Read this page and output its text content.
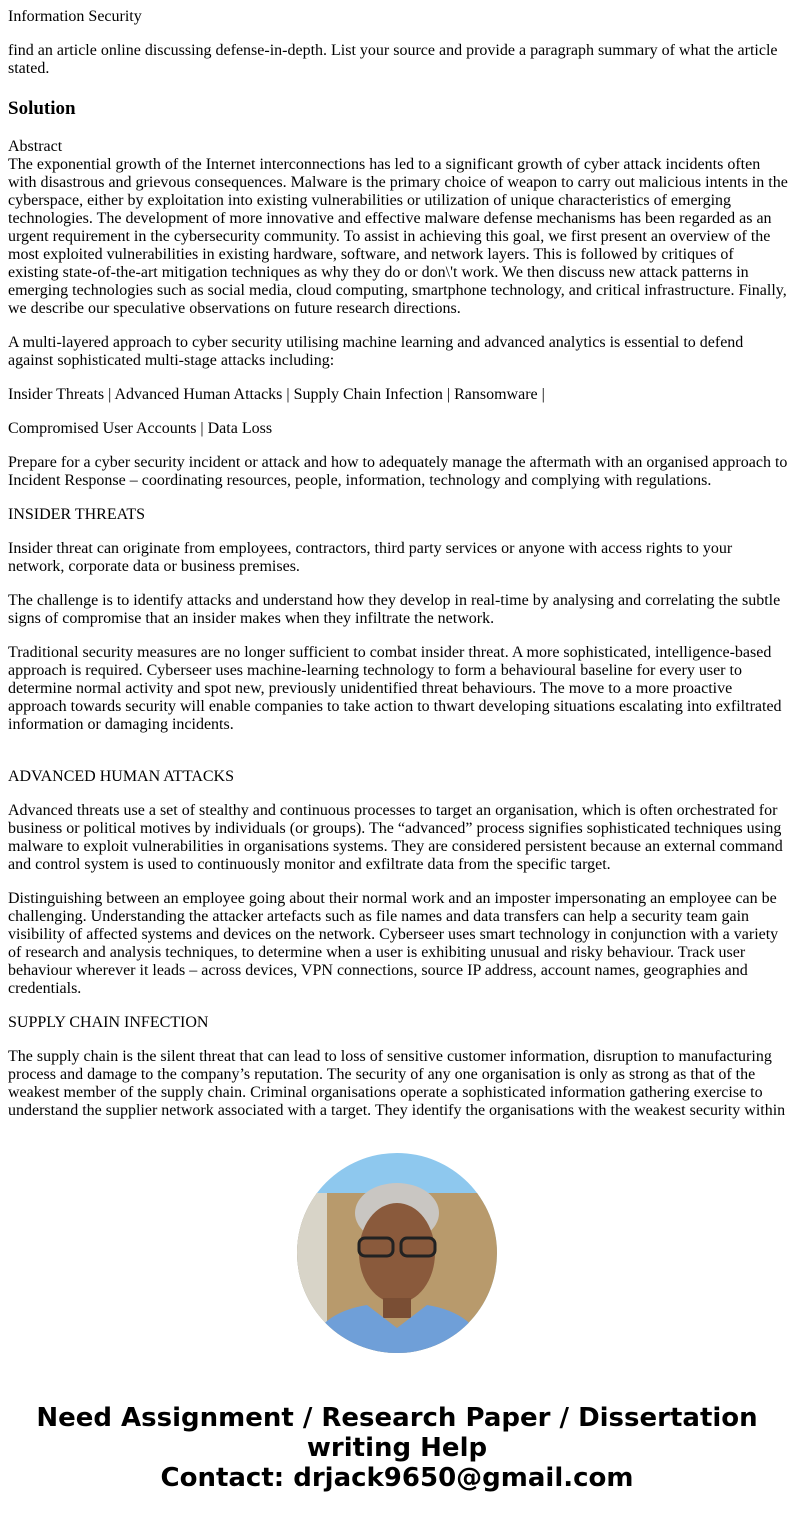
Information Security

find an article online discussing defense-in-depth. List your source and provide a paragraph summary of what the article stated.

Solution
Abstract
The exponential growth of the Internet interconnections has led to a significant growth of cyber attack incidents often with disastrous and grievous consequences. Malware is the primary choice of weapon to carry out malicious intents in the cyberspace, either by exploitation into existing vulnerabilities or utilization of unique characteristics of emerging technologies. The development of more innovative and effective malware defense mechanisms has been regarded as an urgent requirement in the cybersecurity community. To assist in achieving this goal, we first present an overview of the most exploited vulnerabilities in existing hardware, software, and network layers. This is followed by critiques of existing state-of-the-art mitigation techniques as why they do or don\'t work. We then discuss new attack patterns in emerging technologies such as social media, cloud computing, smartphone technology, and critical infrastructure. Finally, we describe our speculative observations on future research directions.

A multi-layered approach to cyber security utilising machine learning and advanced analytics is essential to defend against sophisticated multi-stage attacks including:

Insider Threats | Advanced Human Attacks | Supply Chain Infection | Ransomware |

Compromised User Accounts | Data Loss

Prepare for a cyber security incident or attack and how to adequately manage the aftermath with an organised approach to Incident Response – coordinating resources, people, information, technology and complying with regulations.

INSIDER THREATS

Insider threat can originate from employees, contractors, third party services or anyone with access rights to your network, corporate data or business premises.

The challenge is to identify attacks and understand how they develop in real-time by analysing and correlating the subtle signs of compromise that an insider makes when they infiltrate the network.

Traditional security measures are no longer sufficient to combat insider threat. A more sophisticated, intelligence-based approach is required. Cyberseer uses machine-learning technology to form a behavioural baseline for every user to determine normal activity and spot new, previously unidentified threat behaviours. The move to a more proactive approach towards security will enable companies to take action to thwart developing situations escalating into exfiltrated information or damaging incidents.

ADVANCED HUMAN ATTACKS

Advanced threats use a set of stealthy and continuous processes to target an organisation, which is often orchestrated for business or political motives by individuals (or groups). The “advanced” process signifies sophisticated techniques using malware to exploit vulnerabilities in organisations systems. They are considered persistent because an external command and control system is used to continuously monitor and exfiltrate data from the specific target.

Distinguishing between an employee going about their normal work and an imposter impersonating an employee can be challenging. Understanding the attacker artefacts such as file names and data transfers can help a security team gain visibility of affected systems and devices on the network. Cyberseer uses smart technology in conjunction with a variety of research and analysis techniques, to determine when a user is exhibiting unusual and risky behaviour. Track user behaviour wherever it leads – across devices, VPN connections, source IP address, account names, geographies and credentials.

SUPPLY CHAIN INFECTION

The supply chain is the silent threat that can lead to loss of sensitive customer information, disruption to manufacturing process and damage to the company’s reputation. The security of any one organisation is only as strong as that of the weakest member of the supply chain. Criminal organisations operate a sophisticated information gathering exercise to understand the supplier network associated with a target. They identify the organisations with the weakest security within

Need Assignment / Research Paper / Dissertation writing Help
Contact: drjack9650@gmail.com
